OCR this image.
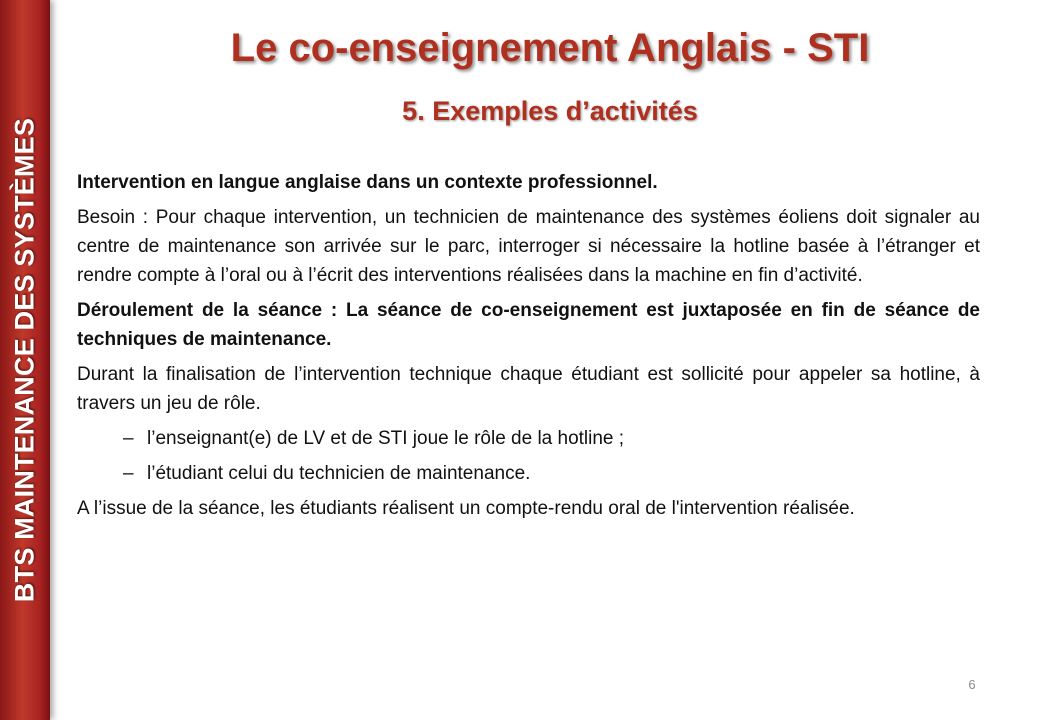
BTS MAINTENANCE DES SYSTÈMES
Le co-enseignement Anglais - STI
5. Exemples d’activités

Intervention en langue anglaise dans un contexte professionnel.

Besoin : Pour chaque intervention, un technicien de maintenance des systèmes éoliens doit signaler au centre de maintenance son arrivée sur le parc, interroger si nécessaire la hotline basée à l’étranger et rendre compte à l’oral ou à l’écrit des interventions réalisées dans la machine en fin d’activité.

Déroulement de la séance : La séance de co-enseignement est juxtaposée en fin de séance de techniques de maintenance.

Durant la finalisation de l’intervention technique chaque étudiant est sollicité pour appeler sa hotline, à travers un jeu de rôle.

– l’enseignant(e) de LV et de STI joue le rôle de la hotline ;
– l’étudiant celui du technicien de maintenance.

A l’issue de la séance, les étudiants réalisent un compte-rendu oral de l'intervention réalisée.

6
